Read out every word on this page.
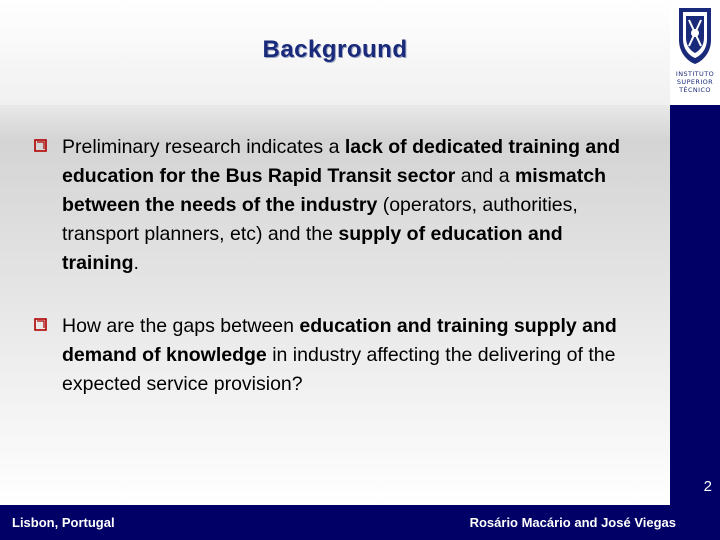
Background
INSTITUTO
SUPERIOR
TÉCNICO
Preliminary research indicates a lack of dedicated training and education for the Bus Rapid Transit sector and a mismatch between the needs of the industry (operators, authorities, transport planners, etc) and the supply of education and training.
How are the gaps between education and training supply and demand of knowledge in industry affecting the delivering of the expected service provision?
2
Lisbon, Portugal	Rosário Macário and José Viegas
